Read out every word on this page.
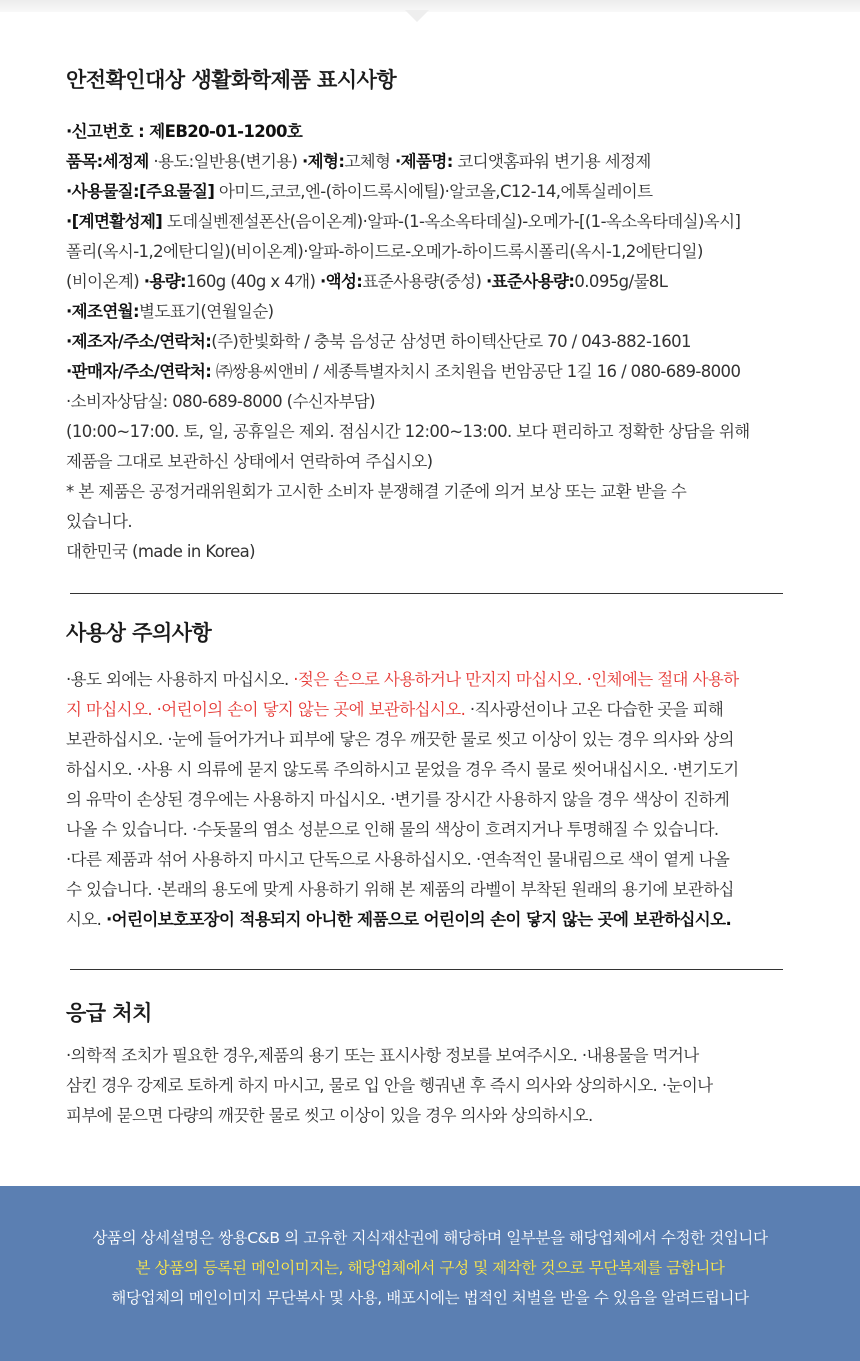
안전확인대상 생활화학제품 표시사항
·신고번호 : 제EB20-01-1200호
품목:세정제 ·용도:일반용(변기용) ·제형:고체형 ·제품명: 코디앳홈파워 변기용 세정제
·사용물질:[주요물질] 아미드,코코,엔-(하이드록시에틸)·알코올,C12-14,에톡실레이트
·[계면활성제] 도데실벤젠설폰산(음이온계)·알파-(1-옥소옥타데실)-오메가-[(1-옥소옥타데실)옥시]
폴리(옥시-1,2에탄디일)(비이온계)·알파-하이드로-오메가-하이드록시폴리(옥시-1,2에탄디일)
(비이온계) ·용량:160g (40g x 4개) ·액성:표준사용량(중성) ·표준사용량:0.095g/물8L
·제조연월:별도표기(연월일순)
·제조자/주소/연락처:(주)한빛화학 / 충북 음성군 삼성면 하이텍산단로 70 / 043-882-1601
·판매자/주소/연락처: ㈜쌍용씨앤비 / 세종특별자치시 조치원읍 번암공단 1길 16 / 080-689-8000
·소비자상담실: 080-689-8000 (수신자부담)
(10:00~17:00. 토, 일, 공휴일은 제외. 점심시간 12:00~13:00. 보다 편리하고 정확한 상담을 위해
제품을 그대로 보관하신 상태에서 연락하여 주십시오)
* 본 제품은 공정거래위원회가 고시한 소비자 분쟁해결 기준에 의거 보상 또는 교환 받을 수
있습니다.
대한민국 (made in Korea)
사용상 주의사항
·용도 외에는 사용하지 마십시오. ·젖은 손으로 사용하거나 만지지 마십시오. ·인체에는 절대 사용하
지 마십시오. ·어린이의 손이 닿지 않는 곳에 보관하십시오. ·직사광선이나 고온 다습한 곳을 피해
보관하십시오. ·눈에 들어가거나 피부에 닿은 경우 깨끗한 물로 씻고 이상이 있는 경우 의사와 상의
하십시오. ·사용 시 의류에 묻지 않도록 주의하시고 묻었을 경우 즉시 물로 씻어내십시오. ·변기도기
의 유막이 손상된 경우에는 사용하지 마십시오. ·변기를 장시간 사용하지 않을 경우 색상이 진하게
나올 수 있습니다. ·수돗물의 염소 성분으로 인해 물의 색상이 흐려지거나 투명해질 수 있습니다.
·다른 제품과 섞어 사용하지 마시고 단독으로 사용하십시오. ·연속적인 물내림으로 색이 옅게 나올
수 있습니다. ·본래의 용도에 맞게 사용하기 위해 본 제품의 라벨이 부착된 원래의 용기에 보관하십
시오. ·어린이보호포장이 적용되지 아니한 제품으로 어린이의 손이 닿지 않는 곳에 보관하십시오.
응급 처치
·의학적 조치가 필요한 경우,제품의 용기 또는 표시사항 정보를 보여주시오. ·내용물을 먹거나
삼킨 경우 강제로 토하게 하지 마시고, 물로 입 안을 헹궈낸 후 즉시 의사와 상의하시오. ·눈이나
피부에 묻으면 다량의 깨끗한 물로 씻고 이상이 있을 경우 의사와 상의하시오.
상품의 상세설명은 쌍용C&B 의 고유한 지식재산권에 해당하며 일부분을 해당업체에서 수정한 것입니다
본 상품의 등록된 메인이미지는, 해당업체에서 구성 및 제작한 것으로 무단복제를 금합니다
해당업체의 메인이미지 무단복사 및 사용, 배포시에는 법적인 처벌을 받을 수 있음을 알려드립니다
